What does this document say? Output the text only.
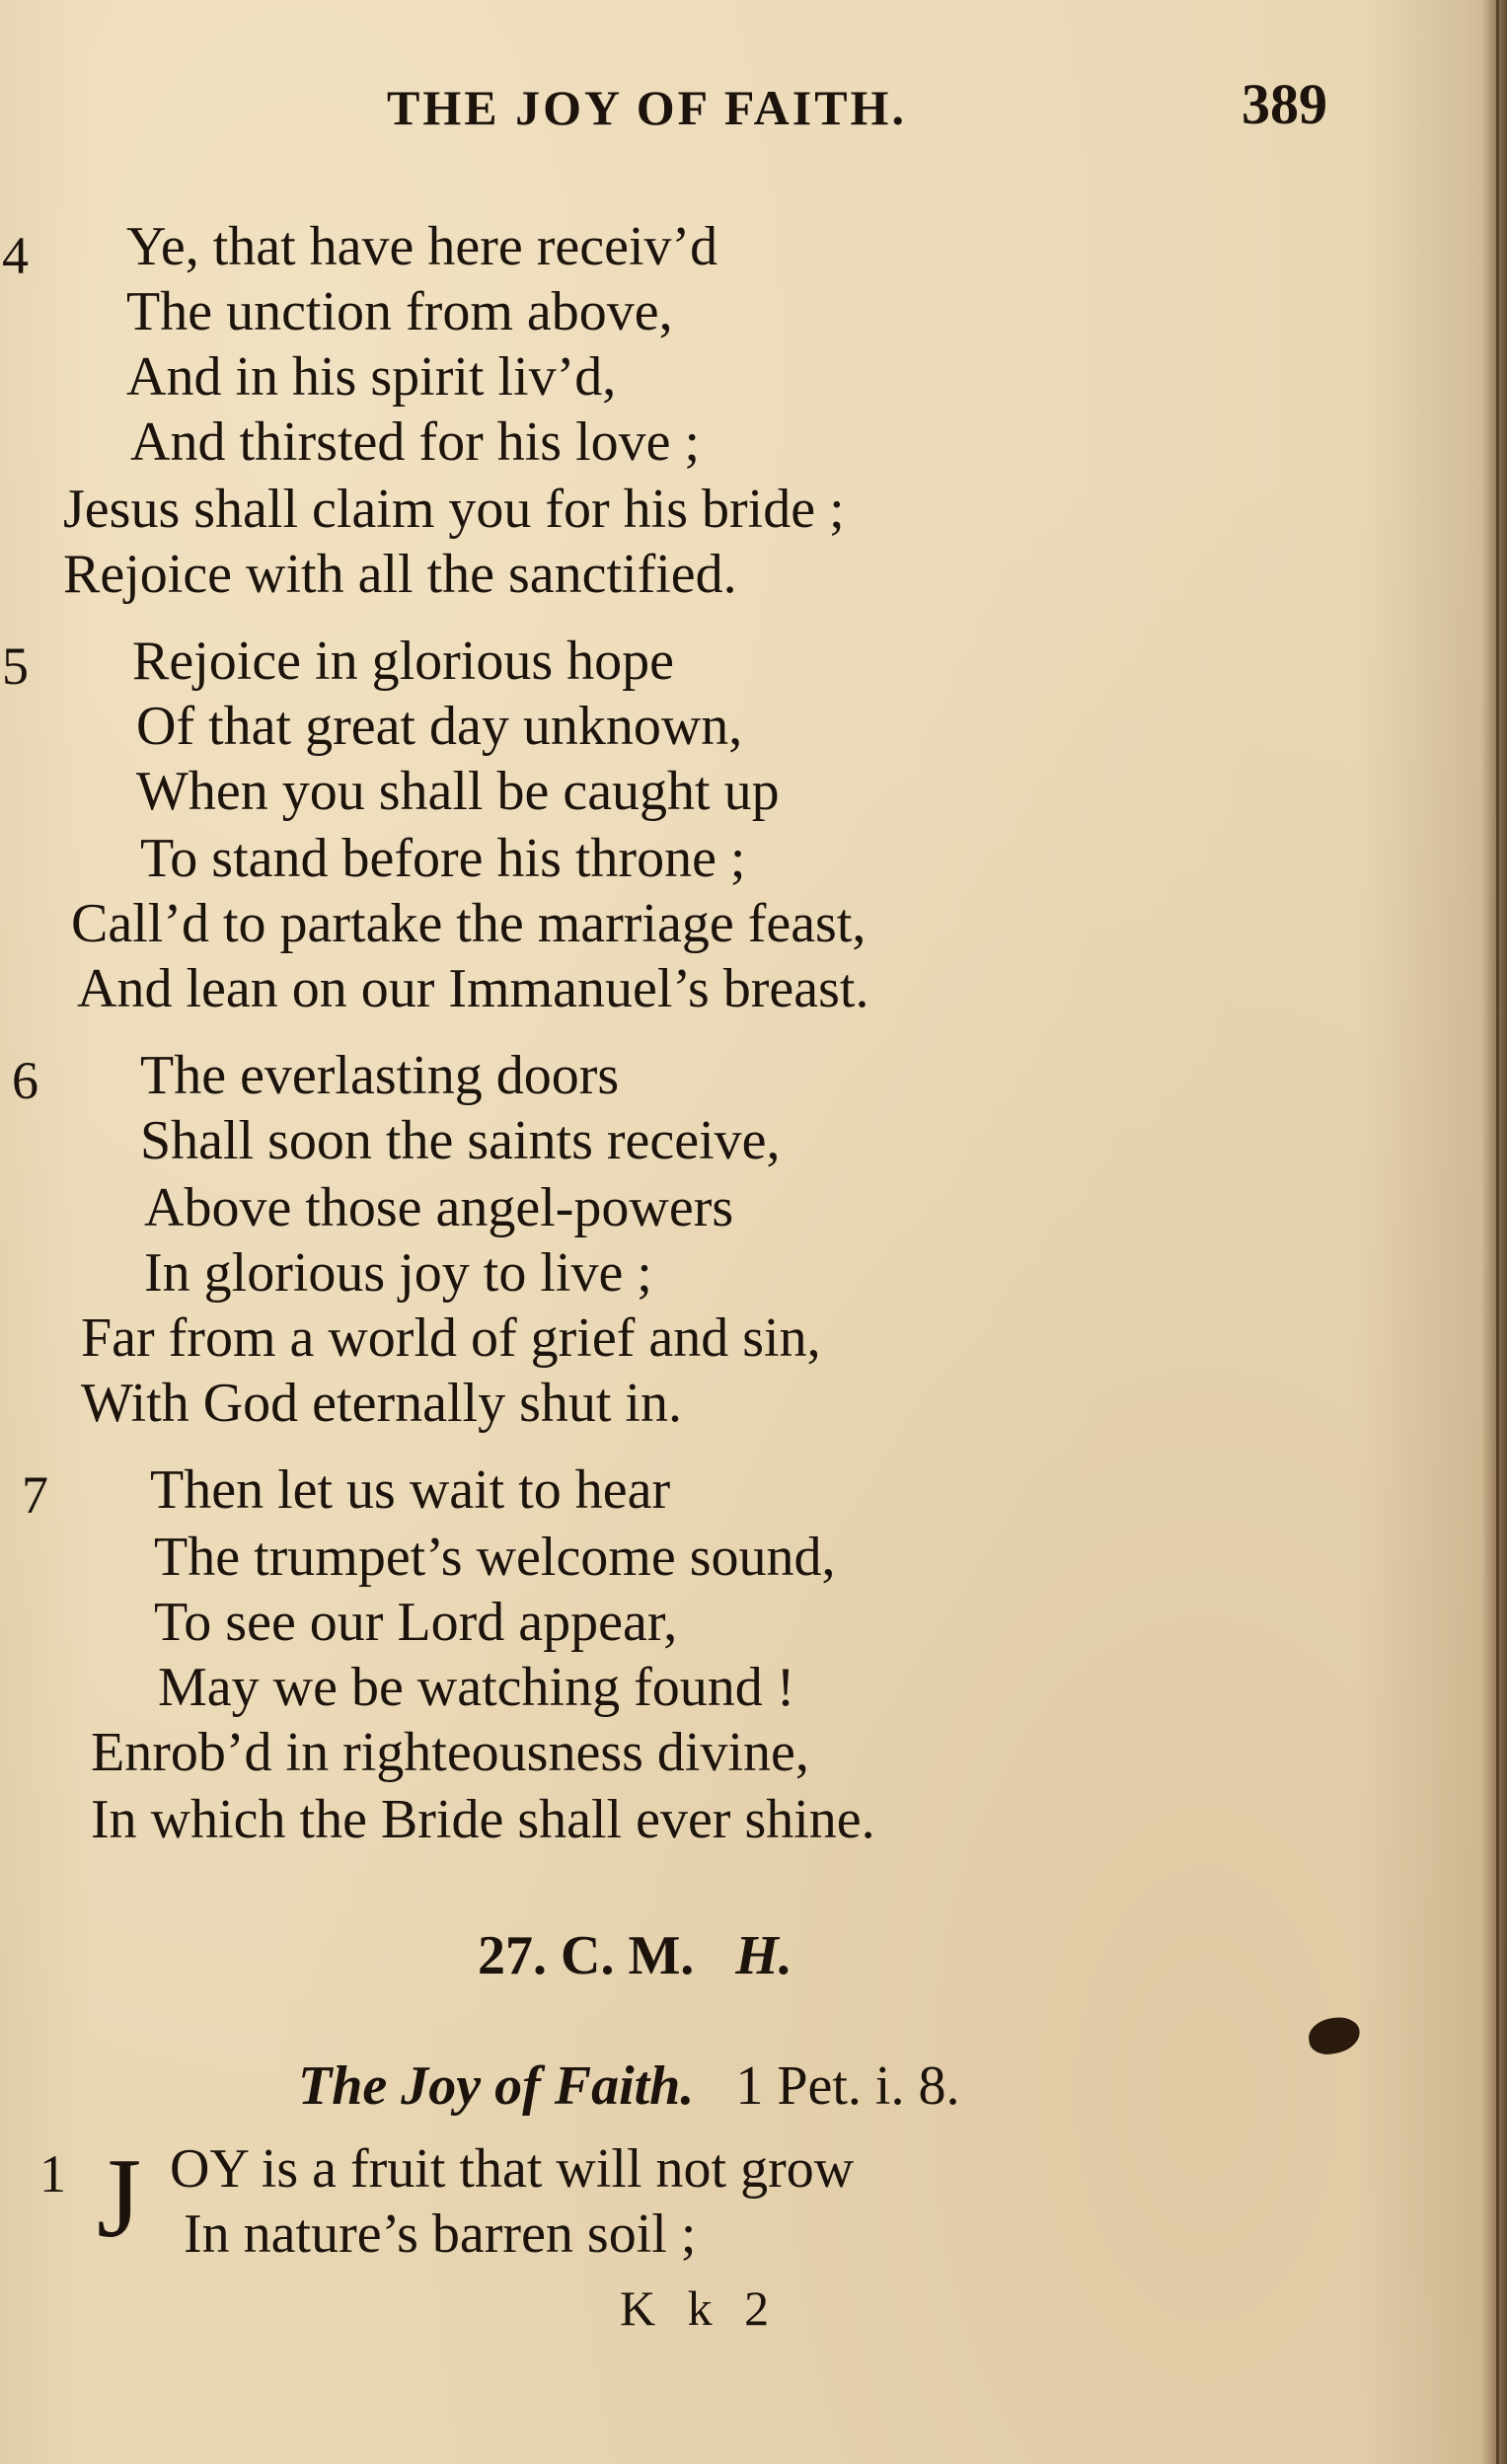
THE JOY OF FAITH.	389
4 Ye, that have here receiv’d
The unction from above,
And in his spirit liv’d,
And thirsted for his love ;
Jesus shall claim you for his bride ;
Rejoice with all the sanctified.
5 Rejoice in glorious hope
Of that great day unknown,
When you shall be caught up
To stand before his throne ;
Call’d to partake the marriage feast,
And lean on our Immanuel’s breast.
6 The everlasting doors
Shall soon the saints receive,
Above those angel-powers
In glorious joy to live ;
Far from a world of grief and sin,
With God eternally shut in.
7 Then let us wait to hear
The trumpet’s welcome sound,
To see our Lord appear,
May we be watching found !
Enrob’d in righteousness divine,
In which the Bride shall ever shine.
27. C. M. H.
The Joy of Faith. 1 Pet. i. 8.
1 J OY is a fruit that will not grow
In nature’s barren soil ;
K k 2
